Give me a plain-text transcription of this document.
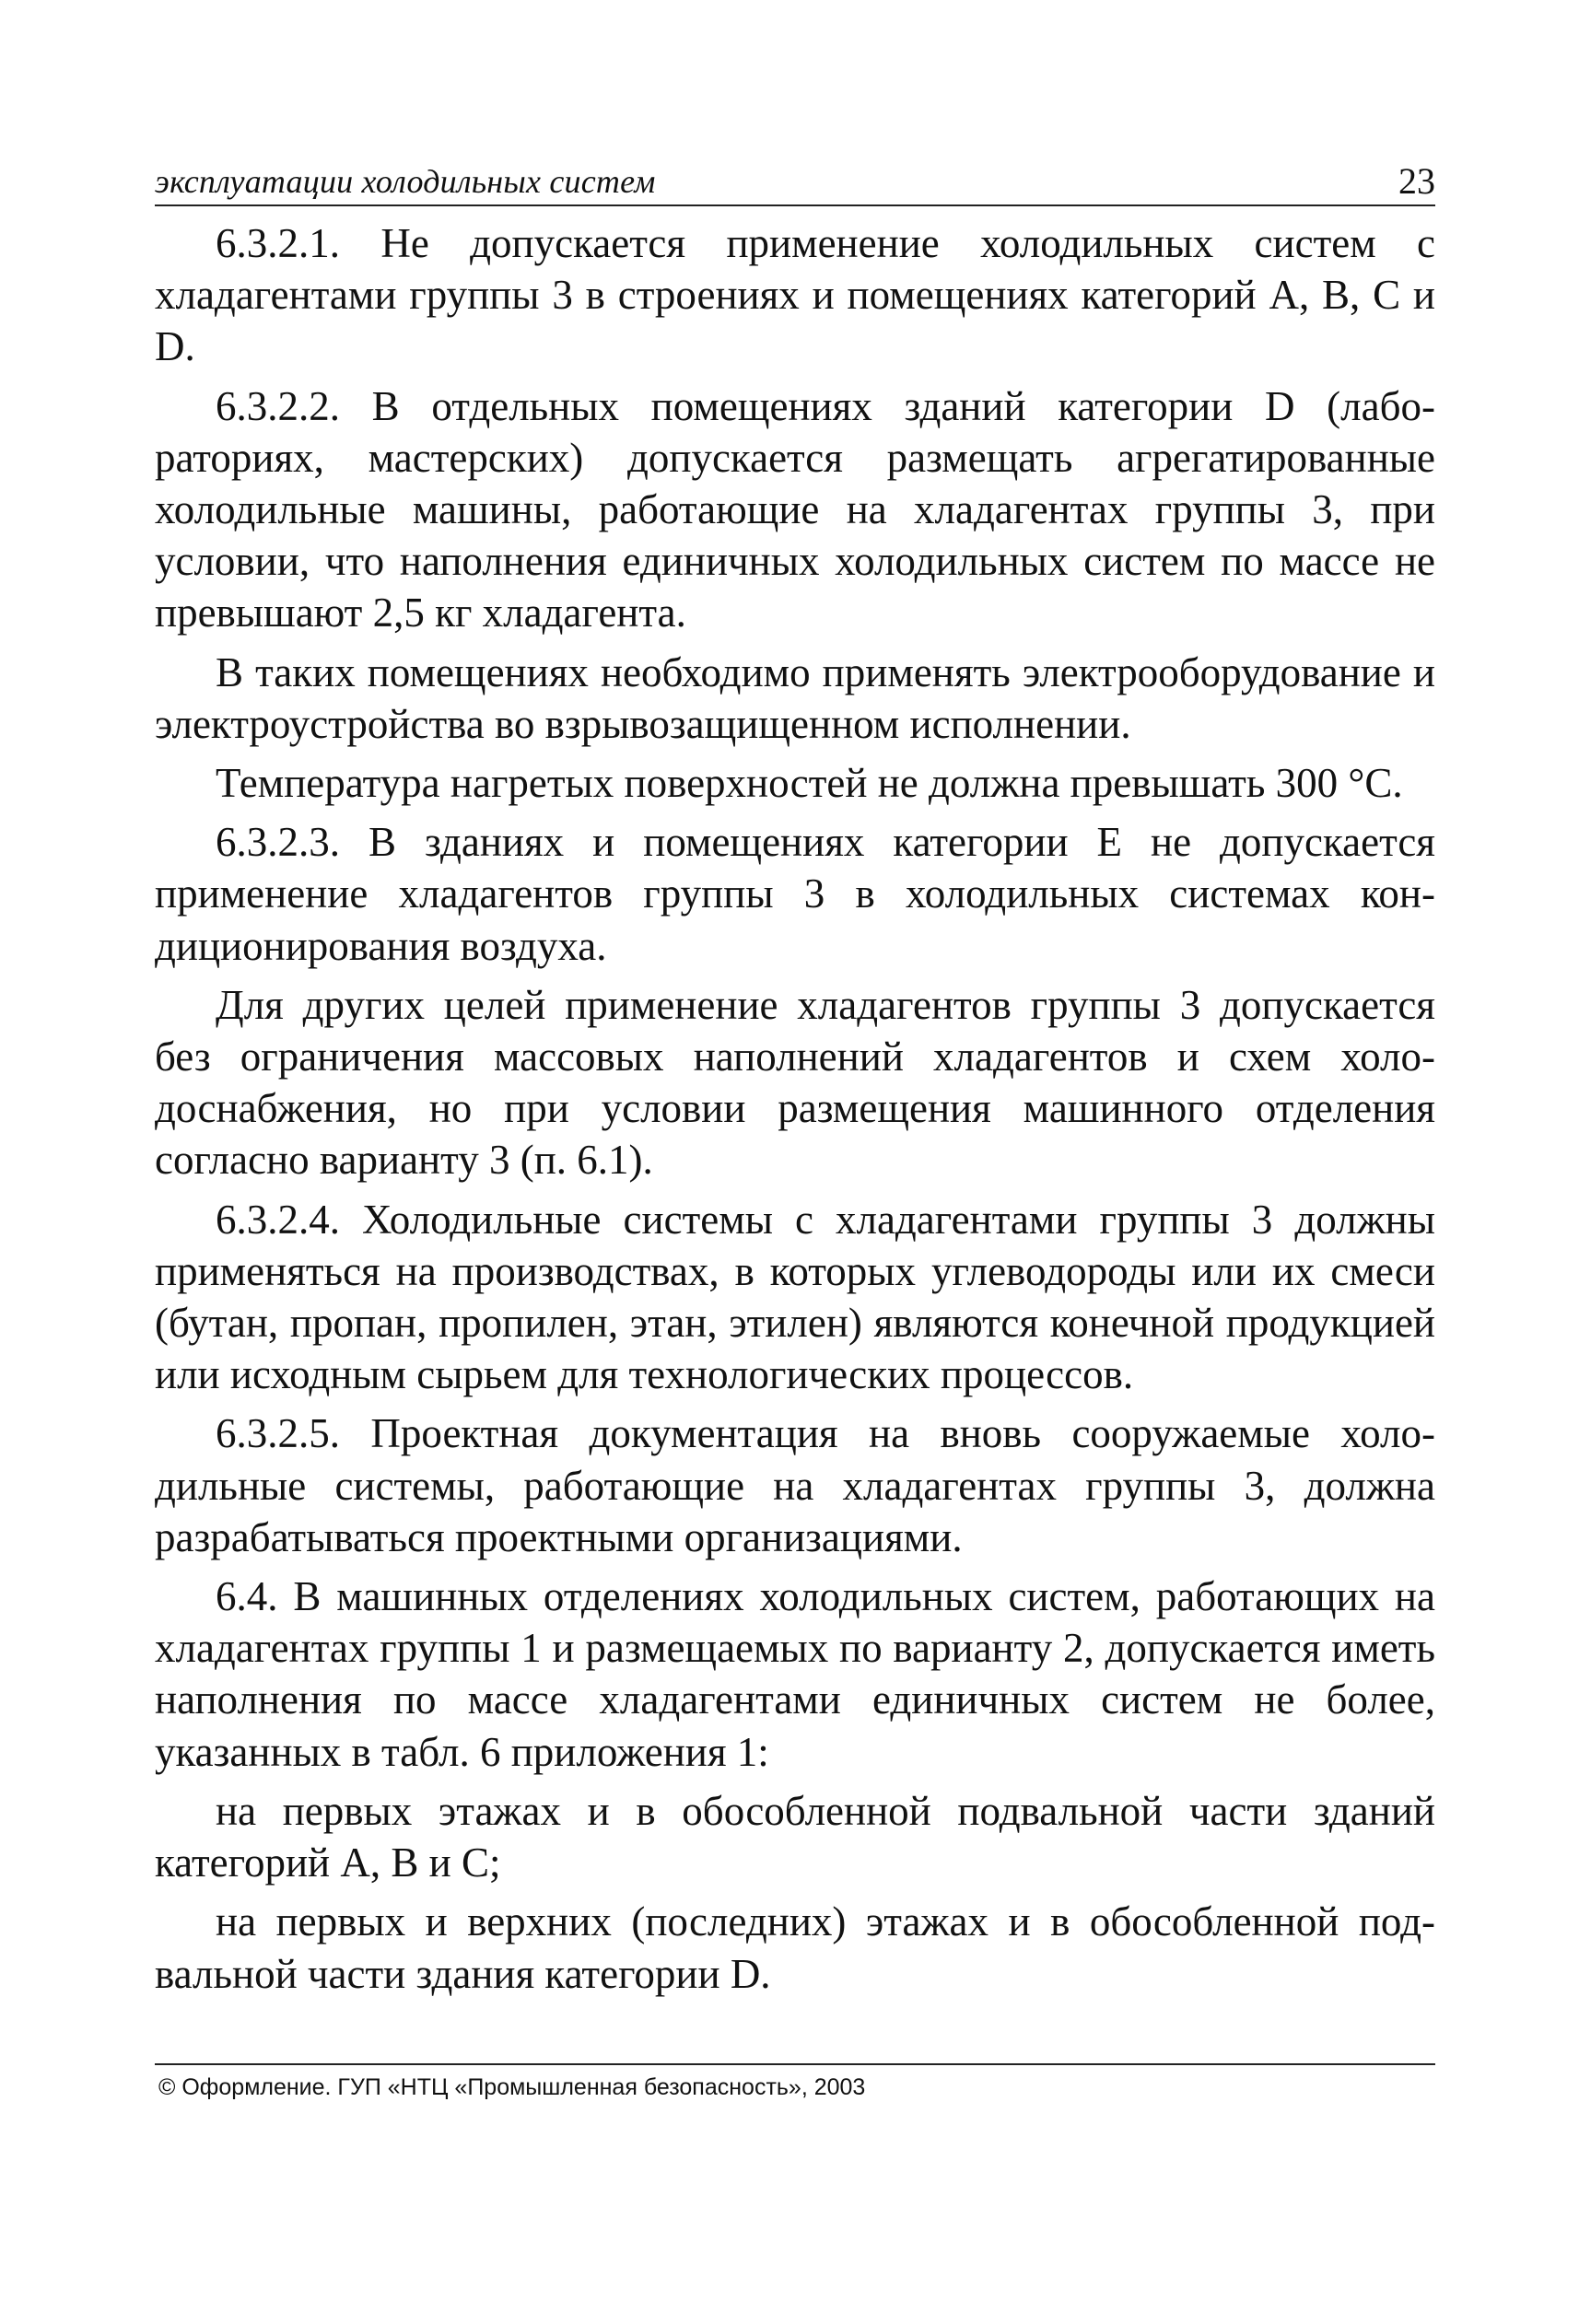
эксплуатации холодильных систем	23

6.3.2.1. Не допускается применение холодильных систем с хладагентами группы 3 в строениях и помещениях категорий А, В, С и D.

6.3.2.2. В отдельных помещениях зданий категории D (лабораториях, мастерских) допускается размещать агрегатированные холодильные машины, работающие на хладагентах группы 3, при условии, что наполнения единичных холодильных систем по массе не превышают 2,5 кг хладагента.

В таких помещениях необходимо применять электрооборудование и электроустройства во взрывозащищенном исполнении.

Температура нагретых поверхностей не должна превышать 300 °С.

6.3.2.3. В зданиях и помещениях категории Е не допускается применение хладагентов группы 3 в холодильных системах кондиционирования воздуха.

Для других целей применение хладагентов группы 3 допускается без ограничения массовых наполнений хладагентов и схем холодоснабжения, но при условии размещения машинного отделения согласно варианту 3 (п. 6.1).

6.3.2.4. Холодильные системы с хладагентами группы 3 должны применяться на производствах, в которых углеводороды или их смеси (бутан, пропан, пропилен, этан, этилен) являются конечной продукцией или исходным сырьем для технологических процессов.

6.3.2.5. Проектная документация на вновь сооружаемые холодильные системы, работающие на хладагентах группы 3, должна разрабатываться проектными организациями.

6.4. В машинных отделениях холодильных систем, работающих на хладагентах группы 1 и размещаемых по варианту 2, допускается иметь наполнения по массе хладагентами единичных систем не более, указанных в табл. 6 приложения 1:

на первых этажах и в обособленной подвальной части зданий категорий А, В и С;

на первых и верхних (последних) этажах и в обособленной подвальной части здания категории D.

© Оформление. ГУП «НТЦ «Промышленная безопасность», 2003
